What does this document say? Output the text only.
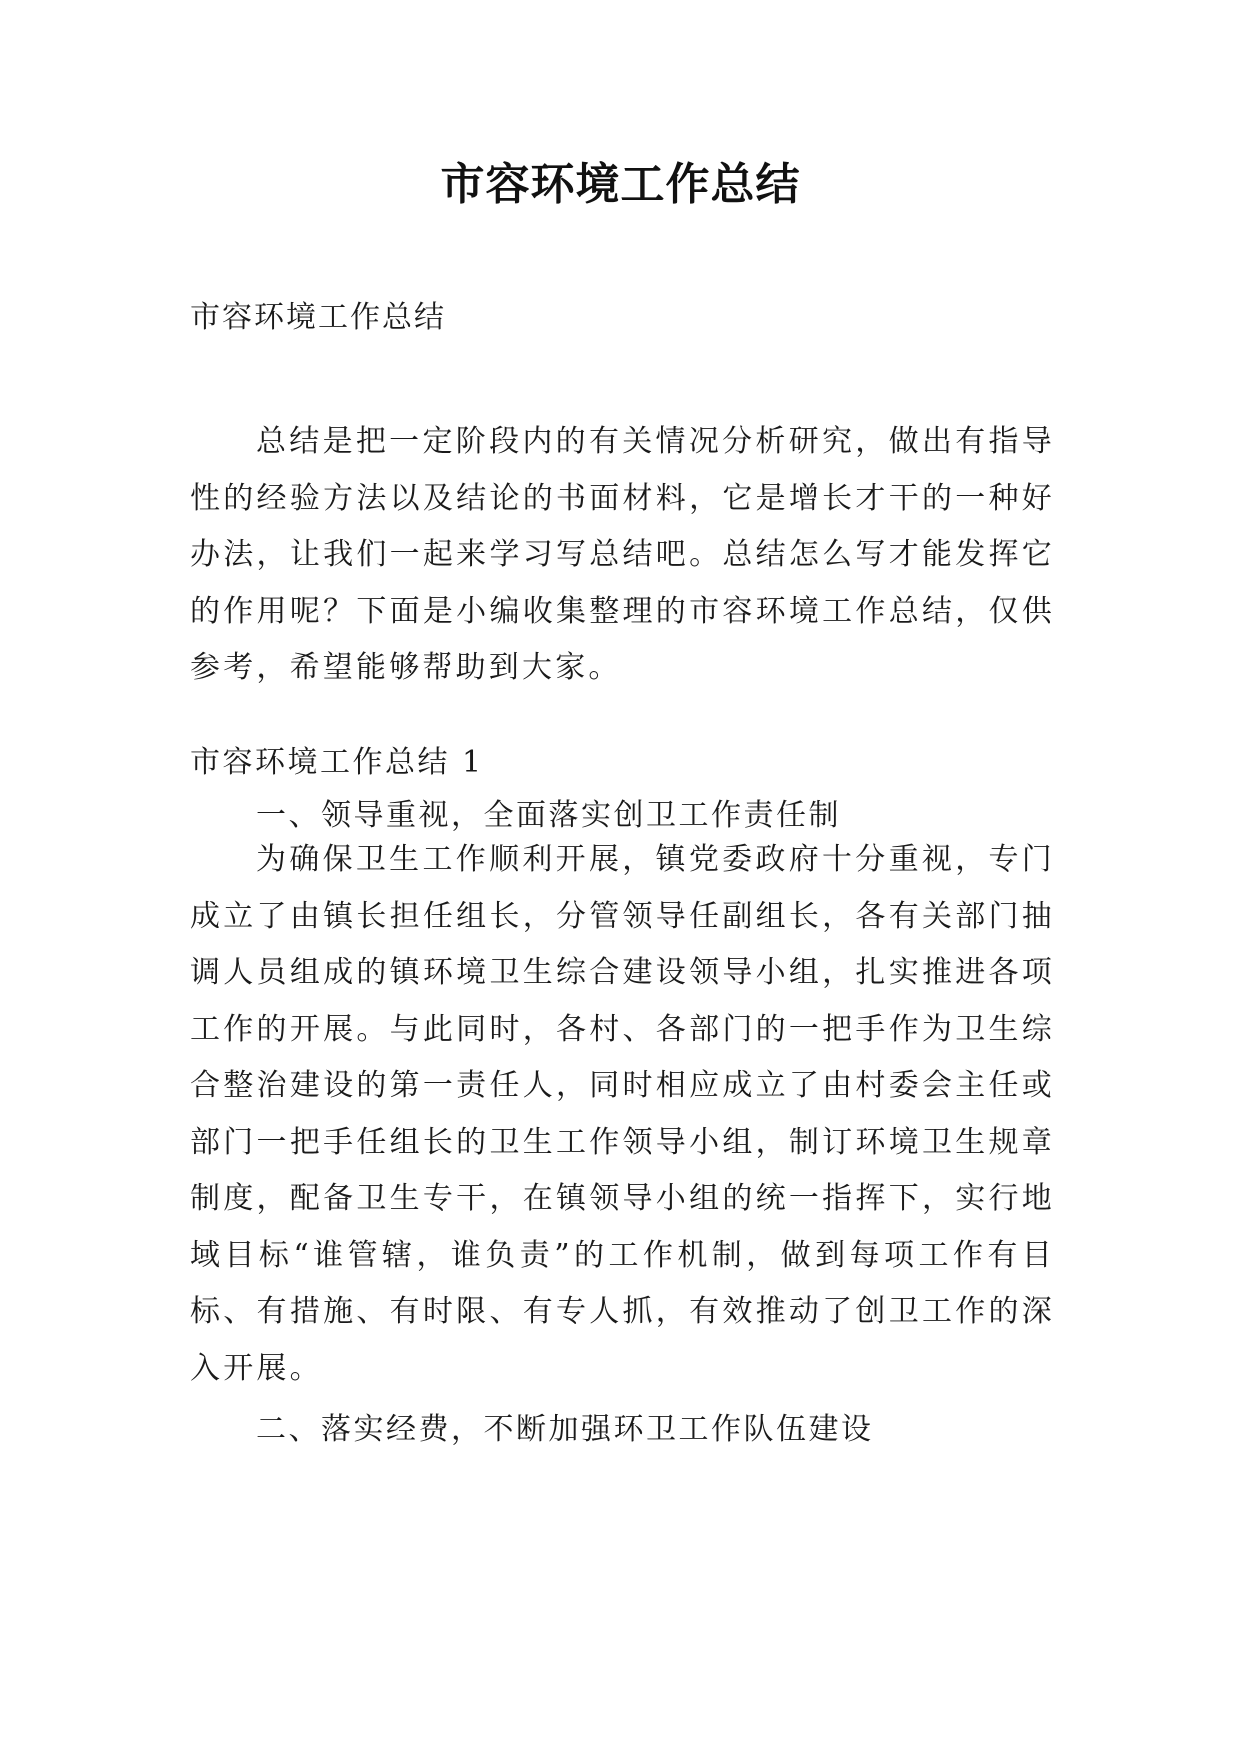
市容环境工作总结
市容环境工作总结

总结是把一定阶段内的有关情况分析研究，做出有指导性的经验方法以及结论的书面材料，它是增长才干的一种好办法，让我们一起来学习写总结吧。总结怎么写才能发挥它的作用呢？下面是小编收集整理的市容环境工作总结，仅供参考，希望能够帮助到大家。

市容环境工作总结 1
一、领导重视，全面落实创卫工作责任制

为确保卫生工作顺利开展，镇党委政府十分重视，专门成立了由镇长担任组长，分管领导任副组长，各有关部门抽调人员组成的镇环境卫生综合建设领导小组，扎实推进各项工作的开展。与此同时，各村、各部门的一把手作为卫生综合整治建设的第一责任人，同时相应成立了由村委会主任或部门一把手任组长的卫生工作领导小组，制订环境卫生规章制度，配备卫生专干，在镇领导小组的统一指挥下，实行地域目标“谁管辖，谁负责”的工作机制，做到每项工作有目标、有措施、有时限、有专人抓，有效推动了创卫工作的深入开展。

二、落实经费，不断加强环卫工作队伍建设
